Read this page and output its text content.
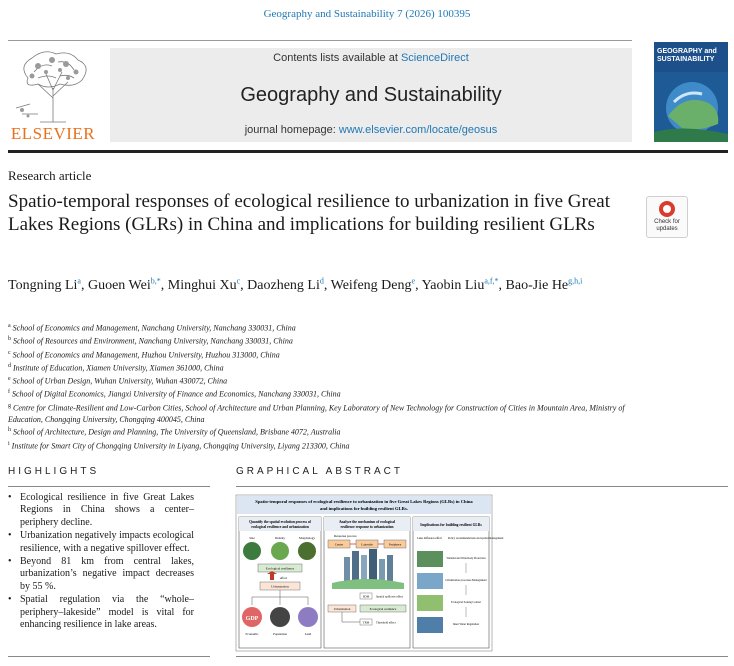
Geography and Sustainability 7 (2026) 100395
ELSEVIER
Contents lists available at ScienceDirect
Geography and Sustainability
journal homepage: www.elsevier.com/locate/geosus
GEOGRAPHY and SUSTAINABILITY
Research article
Spatio-temporal responses of ecological resilience to urbanization in five Great Lakes Regions (GLRs) in China and implications for building resilient GLRs	Check for updates
Tongning Li$^a$, Guoen Wei$^{b,*}$, Minghui Xu$^c$, Daozheng Li$^d$, Weifeng Deng$^e$, Yaobin Liu$^{a,f,*}$, Bao-Jie He$^{g,h,i}$
$^a$ School of Economics and Management, Nanchang University, Nanchang 330031, China
$^b$ School of Resources and Environment, Nanchang University, Nanchang 330031, China
$^c$ School of Economics and Management, Huzhou University, Huzhou 313000, China
$^d$ Institute of Education, Xiamen University, Xiamen 361000, China
$^e$ School of Urban Design, Wuhan University, Wuhan 430072, China
$^f$ School of Digital Economics, Jiangxi University of Finance and Economics, Nanchang 330031, China
$^g$ Centre for Climate-Resilient and Low-Carbon Cities, School of Architecture and Urban Planning, Key Laboratory of New Technology for Construction of Cities in Mountain Area, Ministry of Education, Chongqing University, Chongqing 400045, China
$^h$ School of Architecture, Design and Planning, The University of Queensland, Brisbane 4072, Australia
$^i$ Institute for Smart City of Chongqing University in Liyang, Chongqing University, Liyang 213300, China
HIGHLIGHTS	GRAPHICAL ABSTRACT
• Ecological resilience in five Great Lakes Regions in China shows a center–periphery decline.
• Urbanization negatively impacts ecological resilience, with a negative spillover effect.
• Beyond 81 km from central lakes, urbanization’s negative impact decreases by 55 %.
• Spatial regulation via the “whole–periphery–lakeside” model is vital for enhancing resilience in lake areas.
Spatio-temporal responses of ecological resilience to urbanization in five Great Lakes Regions (GLRs) in China
and implications for building resilient GLRs.
Quantify the spatial evolution process of
ecological resilience and urbanization
Size	Density	Morphology
Ecological resilience
effect
Urbanization
GDP
Economic	Population	Land
Analyze the mechanism of ecological
resilience response to urbanization
Response process
Center	Lakeside	Periphery
SDM Spatial spillover effect
Urbanization	Ecological resilience
TRM Threshold effect
Implications for building resilient GLRs
Lake diffusion effect Policy recommendations and spatial management
Wetland and Waterbody Protection
Urbanization processes Management
Ecological Zoning Control
Inner Water Regulation
